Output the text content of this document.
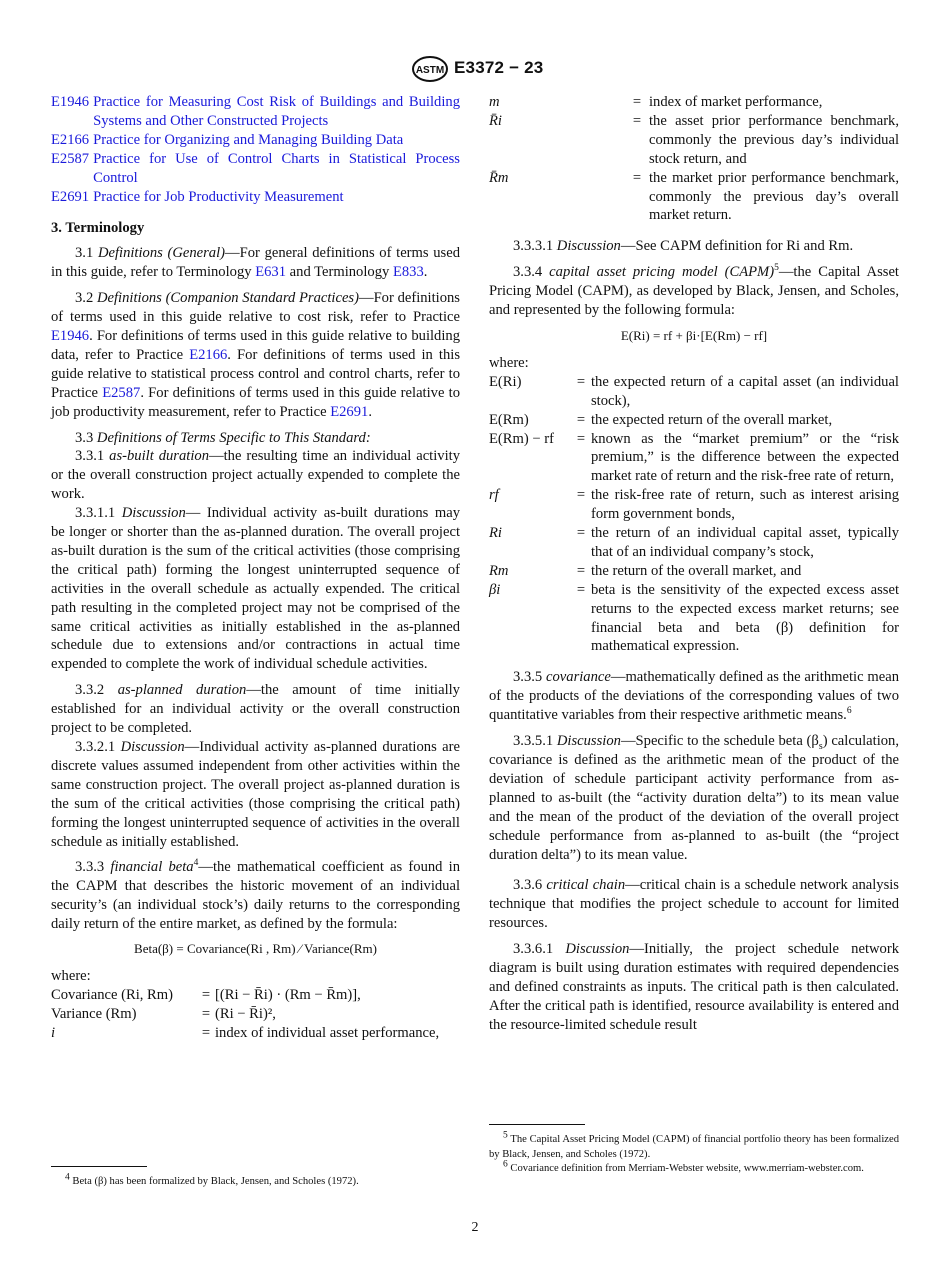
ASTM E3372 − 23
E1946 Practice for Measuring Cost Risk of Buildings and Building Systems and Other Constructed Projects
E2166 Practice for Organizing and Managing Building Data
E2587 Practice for Use of Control Charts in Statistical Process Control
E2691 Practice for Job Productivity Measurement
3. Terminology

3.1 Definitions (General)—For general definitions of terms used in this guide, refer to Terminology E631 and Terminology E833.

3.2 Definitions (Companion Standard Practices)—For definitions of terms used in this guide relative to cost risk, refer to Practice E1946. For definitions of terms used in this guide relative to building data, refer to Practice E2166. For definitions of terms used in this guide relative to statistical process control and control charts, refer to Practice E2587. For definitions of terms used in this guide relative to job productivity measurement, refer to Practice E2691.

3.3 Definitions of Terms Specific to This Standard:

3.3.1 as-built duration—the resulting time an individual activity or the overall construction project actually expended to complete the work.

3.3.1.1 Discussion— Individual activity as-built durations may be longer or shorter than the as-planned duration. The overall project as-built duration is the sum of the critical activities (those comprising the critical path) forming the longest uninterrupted sequence of activities in the overall schedule as actually expended. The critical path resulting in the completed project may not be comprised of the same critical activities as initially established in the as-planned schedule due to extensions and/or contractions in actual time expended to complete the work of individual schedule activities.

3.3.2 as-planned duration—the amount of time initially established for an individual activity or the overall construction project to be completed.

3.3.2.1 Discussion—Individual activity as-planned durations are discrete values assumed independent from other activities within the same construction project. The overall project as-planned duration is the sum of the critical activities (those comprising the critical path) forming the longest uninterrupted sequence of activities in the overall schedule as initially established.

3.3.3 financial beta$^4$—the mathematical coefficient as found in the CAPM that describes the historic movement of an individual security’s (an individual stock’s) daily returns to the corresponding daily return of the entire market, as defined by the formula:

Beta(β) = Covariance(Ri , Rm) ⁄ Variance(Rm)

where:

Covariance (Ri, Rm)	= [(Ri − R̄i) · (Rm − R̄m)],
Variance (Rm)	= (Ri − R̄i)²,
i	= index of individual asset performance,

$^4$ Beta (β) has been formalized by Black, Jensen, and Scholes (1972).

m	= index of market performance,
R̄i	= the asset prior performance benchmark, commonly the previous day’s individual stock return, and
R̄m	= the market prior performance benchmark, commonly the previous day’s overall market return.

3.3.3.1 Discussion—See CAPM definition for Ri and Rm.

3.3.4 capital asset pricing model (CAPM)$^5$—the Capital Asset Pricing Model (CAPM), as developed by Black, Jensen, and Scholes, and represented by the following formula:

E(Ri) = rf + βi·[E(Rm) − rf]

where:

E(Ri)	= the expected return of a capital asset (an individual stock),
E(Rm)	= the expected return of the overall market,
E(Rm) − rf	= known as the “market premium” or the “risk premium,” is the difference between the expected market rate of return and the risk-free rate of return,
rf	= the risk-free rate of return, such as interest arising form government bonds,
Ri	= the return of an individual capital asset, typically that of an individual company’s stock,
Rm	= the return of the overall market, and
βi	= beta is the sensitivity of the expected excess asset returns to the expected excess market returns; see financial beta and beta (β) definition for mathematical expression.

3.3.5 covariance—mathematically defined as the arithmetic mean of the products of the deviations of the corresponding values of two quantitative variables from their respective arithmetic means.$^6$

3.3.5.1 Discussion—Specific to the schedule beta $(\beta_s)$ calculation, covariance is defined as the arithmetic mean of the product of the deviation of schedule participant activity performance from as-planned to as-built (the “activity duration delta”) to its mean value and the mean of the product of the deviation of the overall project schedule performance from as-planned to as-built (the “project duration delta”) to its mean value.

3.3.6 critical chain—critical chain is a schedule network analysis technique that modifies the project schedule to account for limited resources.

3.3.6.1 Discussion—Initially, the project schedule network diagram is built using duration estimates with required dependencies and defined constraints as inputs. The critical path is then calculated. After the critical path is identified, resource availability is entered and the resource-limited schedule result

$^5$ The Capital Asset Pricing Model (CAPM) of financial portfolio theory has been formalized by Black, Jensen, and Scholes (1972).

$^6$ Covariance definition from Merriam-Webster website, www.merriam-webster.com.

2
